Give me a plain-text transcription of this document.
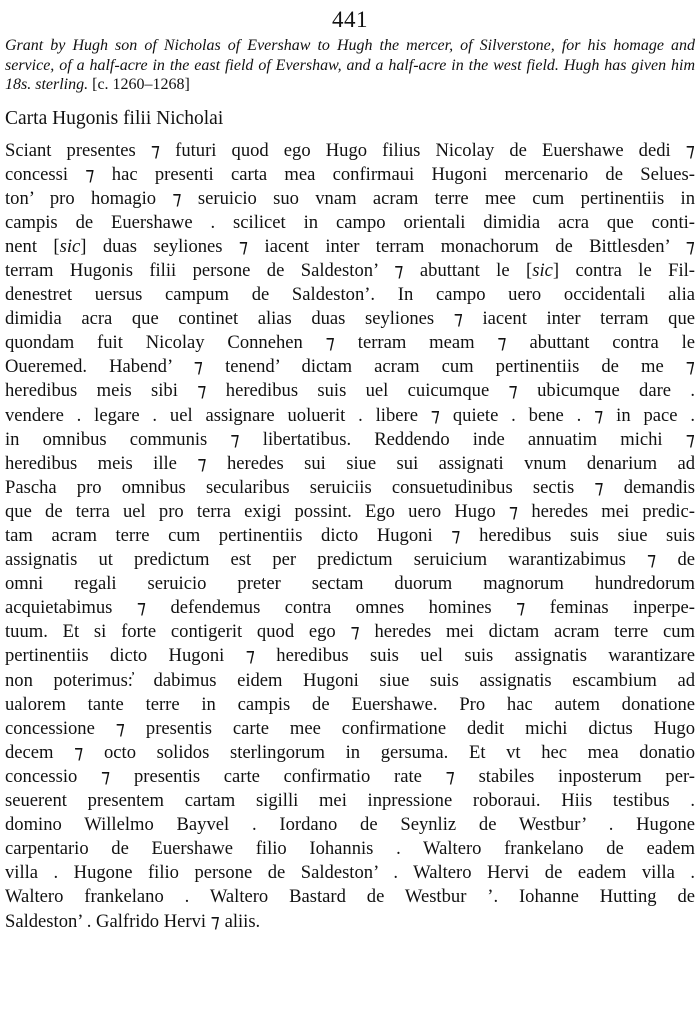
441

Grant by Hugh son of Nicholas of Evershaw to Hugh the mercer, of Silverstone, for his homage and service, of a half-acre in the east field of Evershaw, and a half-acre in the west field. Hugh has given him 18s. sterling. [c. 1260–1268]

Carta Hugonis filii Nicholai
Sciant presentes ⁊ futuri quod ego Hugo filius Nicolay de Euershawe dedi ⁊
concessi ⁊ hac presenti carta mea confirmaui Hugoni mercenario de Selues-
ton’ pro homagio ⁊ seruicio suo vnam acram terre mee cum pertinentiis in
campis de Euershawe . scilicet in campo orientali dimidia acra que conti-
nent [sic] duas seyliones ⁊ iacent inter terram monachorum de Bittlesden’ ⁊
terram Hugonis filii persone de Saldeston’ ⁊ abuttant le [sic] contra le Fil-
denestret uersus campum de Saldeston’. In campo uero occidentali alia
dimidia acra que continet alias duas seyliones ⁊ iacent inter terram que
quondam fuit Nicolay Connehen ⁊ terram meam ⁊ abuttant contra le
Oueremed. Habend’ ⁊ tenend’ dictam acram cum pertinentiis de me ⁊
heredibus meis sibi ⁊ heredibus suis uel cuicumque ⁊ ubicumque dare .
vendere . legare . uel assignare uoluerit . libere ⁊ quiete . bene . ⁊ in pace .
in omnibus communis ⁊ libertatibus. Reddendo inde annuatim michi ⁊
heredibus meis ille ⁊ heredes sui siue sui assignati vnum denarium ad
Pascha pro omnibus secularibus seruiciis consuetudinibus sectis ⁊ demandis
que de terra uel pro terra exigi possint. Ego uero Hugo ⁊ heredes mei predic-
tam acram terre cum pertinentiis dicto Hugoni ⁊ heredibus suis siue suis
assignatis ut predictum est per predictum seruicium warantizabimus ⁊ de
omni regali seruicio preter sectam duorum magnorum hundredorum
acquietabimus ⁊ defendemus contra omnes homines ⁊ feminas inperpe-
tuum. Et si forte contigerit quod ego ⁊ heredes mei dictam acram terre cum
pertinentiis dicto Hugoni ⁊ heredibus suis uel suis assignatis warantizare
non poterimus:̓ dabimus eidem Hugoni siue suis assignatis escambium ad
ualorem tante terre in campis de Euershawe. Pro hac autem donatione
concessione ⁊ presentis carte mee confirmatione dedit michi dictus Hugo
decem ⁊ octo solidos sterlingorum in gersuma. Et vt hec mea donatio
concessio ⁊ presentis carte confirmatio rate ⁊ stabiles inposterum per-
seuerent presentem cartam sigilli mei inpressione roboraui. Hiis testibus .
domino Willelmo Bayvel . Iordano de Seynliz de Westbur’ . Hugone
carpentario de Euershawe filio Iohannis . Waltero frankelano de eadem
villa . Hugone filio persone de Saldeston’ . Waltero Hervi de eadem villa .
Waltero frankelano . Waltero Bastard de Westbur ’. Iohanne Hutting de
Saldeston’ . Galfrido Hervi ⁊ aliis.
